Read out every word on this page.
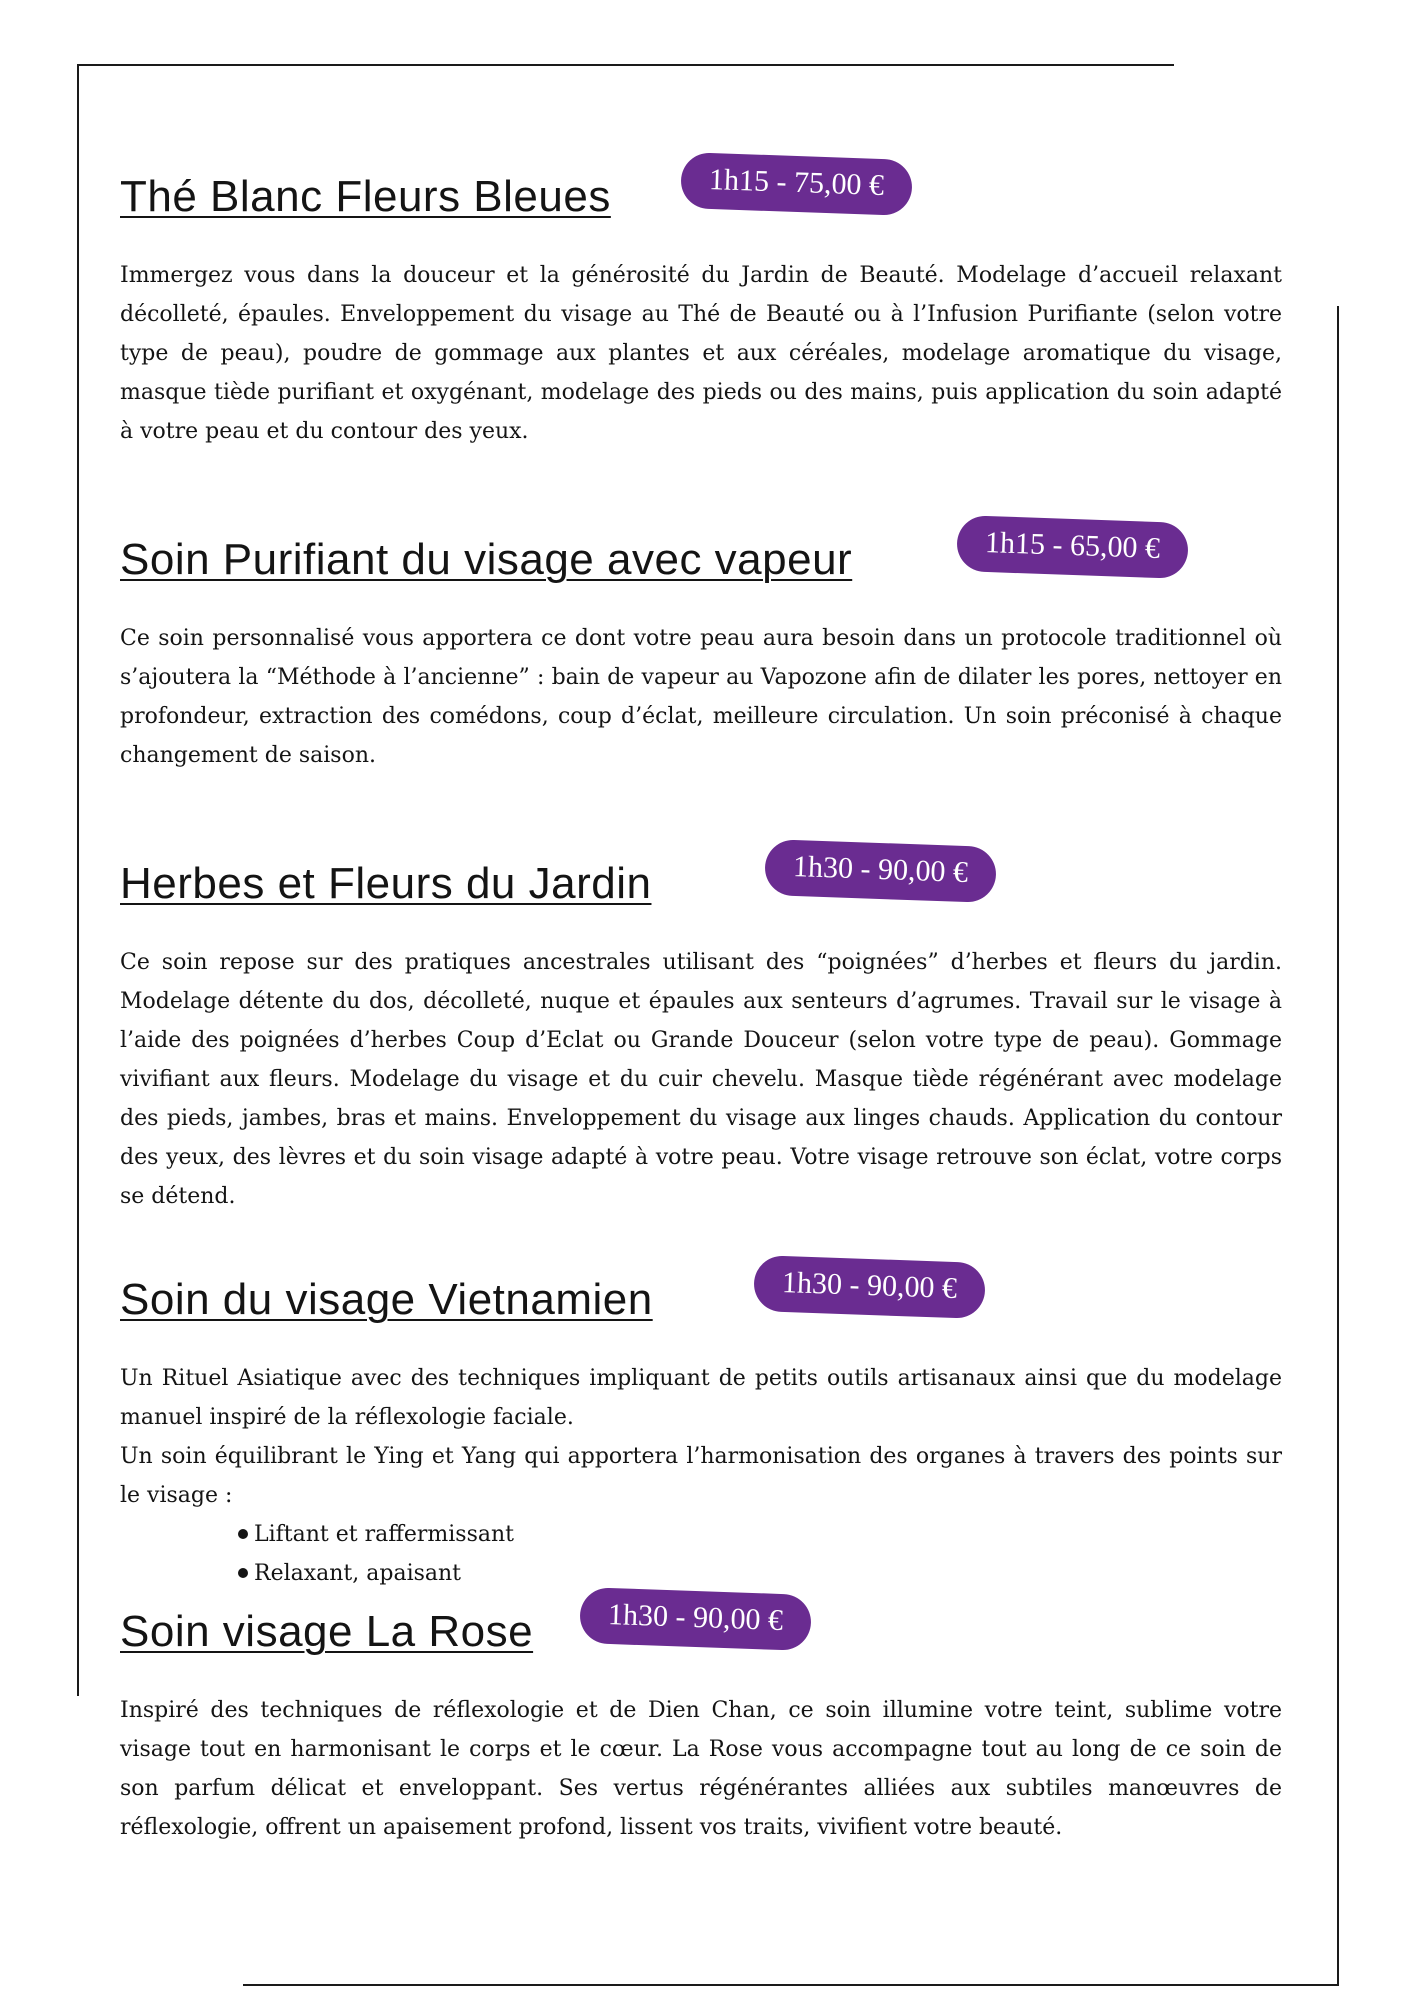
Thé Blanc Fleurs Bleues	1h15 - 75,00 €

Immergez vous dans la douceur et la générosité du Jardin de Beauté. Modelage d’accueil relaxant décolleté, épaules. Enveloppement du visage au Thé de Beauté ou à l’Infusion Purifiante (selon votre type de peau), poudre de gommage aux plantes et aux céréales, modelage aromatique du visage, masque tiède purifiant et oxygénant, modelage des pieds ou des mains, puis application du soin adapté à votre peau et du contour des yeux.

Soin Purifiant du visage avec vapeur	1h15 - 65,00 €

Ce soin personnalisé vous apportera ce dont votre peau aura besoin dans un protocole traditionnel où s’ajoutera la “Méthode à l’ancienne” : bain de vapeur au Vapozone afin de dilater les pores, nettoyer en profondeur, extraction des comédons, coup d’éclat, meilleure circulation. Un soin préconisé à chaque changement de saison.

Herbes et Fleurs du Jardin	1h30 - 90,00 €

Ce soin repose sur des pratiques ancestrales utilisant des “poignées” d’herbes et fleurs du jardin. Modelage détente du dos, décolleté, nuque et épaules aux senteurs d’agrumes. Travail sur le visage à l’aide des poignées d’herbes Coup d’Eclat ou Grande Douceur (selon votre type de peau). Gommage vivifiant aux fleurs. Modelage du visage et du cuir chevelu. Masque tiède régénérant avec modelage des pieds, jambes, bras et mains. Enveloppement du visage aux linges chauds. Application du contour des yeux, des lèvres et du soin visage adapté à votre peau. Votre visage retrouve son éclat, votre corps se détend.

Soin du visage Vietnamien	1h30 - 90,00 €

Un Rituel Asiatique avec des techniques impliquant de petits outils artisanaux ainsi que du modelage manuel inspiré de la réflexologie faciale.

Un soin équilibrant le Ying et Yang qui apportera l’harmonisation des organes à travers des points sur le visage :

Liftant et raffermissant
Relaxant, apaisant
Soin visage La Rose	1h30 - 90,00 €

Inspiré des techniques de réflexologie et de Dien Chan, ce soin illumine votre teint, sublime votre visage tout en harmonisant le corps et le cœur. La Rose vous accompagne tout au long de ce soin de son parfum délicat et enveloppant. Ses vertus régénérantes alliées aux subtiles manœuvres de réflexologie, offrent un apaisement profond, lissent vos traits, vivifient votre beauté.
